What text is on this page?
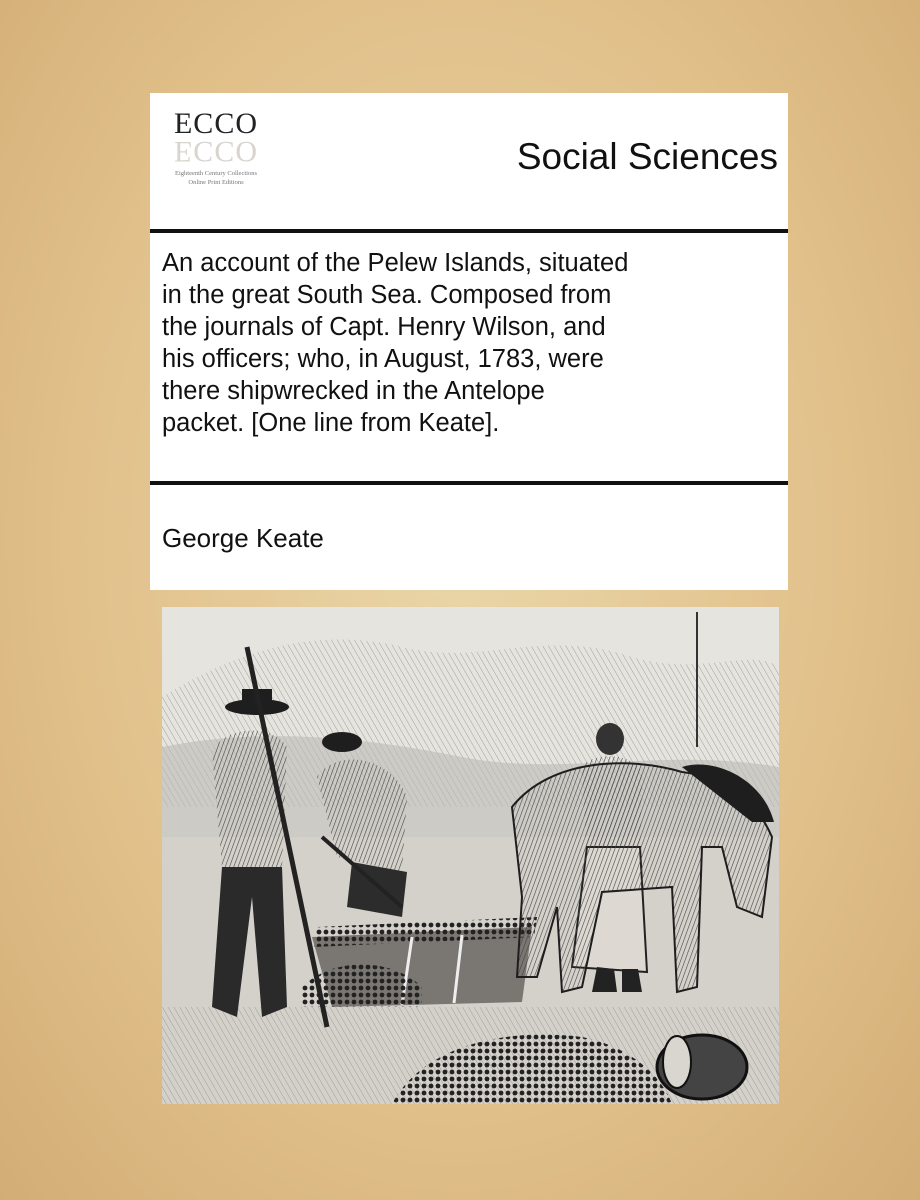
ECCO
ECCO
Eighteenth Century Collections Online Print Editions
Social Sciences
An account of the Pelew Islands, situated
in the great South Sea. Composed from
the journals of Capt. Henry Wilson, and
his officers; who, in August, 1783, were
there shipwrecked in the Antelope
packet. [One line from Keate].
George Keate
